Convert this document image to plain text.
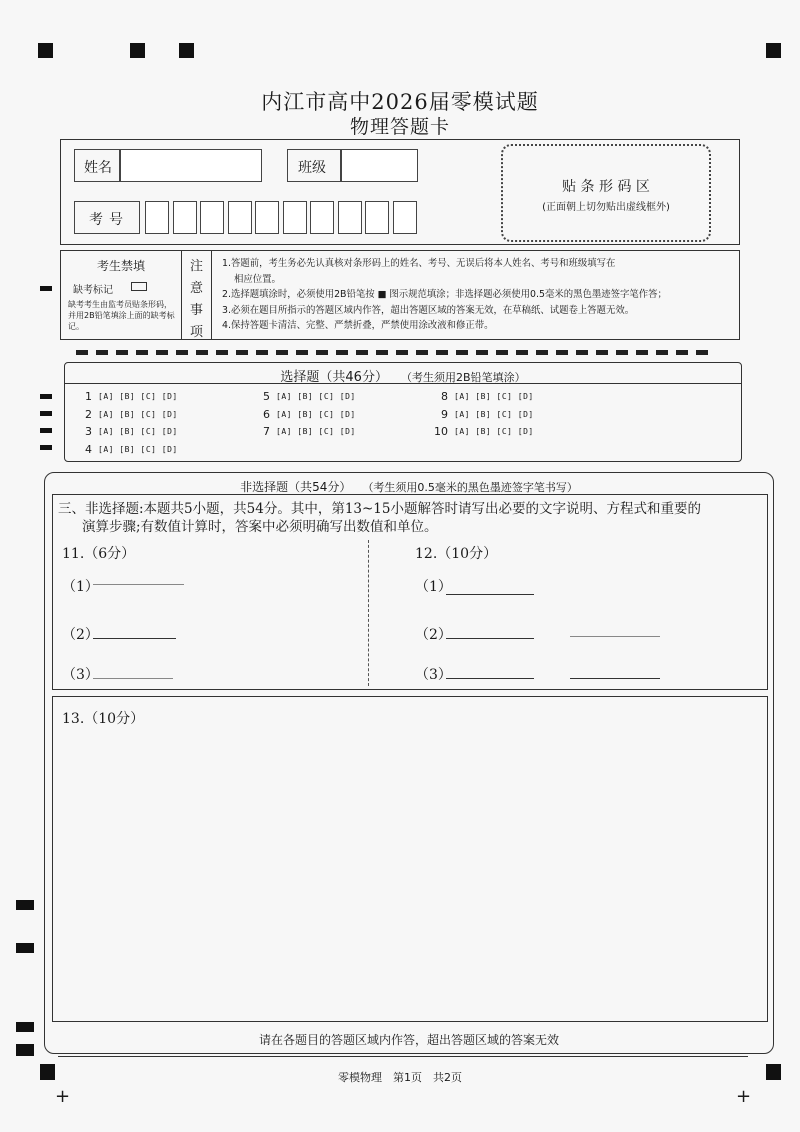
内江市高中2026届零模试题
物理答题卡
姓名	班级
考号
贴 条 形 码 区
(正面朝上切勿贴出虚线框外)
考生禁填
缺考标记
缺考考生由监考员贴条形码，并用2B铅笔填涂上面的缺考标记。
注
意
事
项
1.答题前，考生务必先认真核对条形码上的姓名、考号、无误后将本人姓名、考号和班级填写在
相应位置。
2.选择题填涂时，必须使用2B铅笔按 ■ 图示规范填涂；非选择题必须使用0.5毫米的黑色墨迹签字笔作答；
3.必须在题目所指示的答题区域内作答，超出答题区域的答案无效，在草稿纸、试题卷上答题无效。
4.保持答题卡清洁、完整、严禁折叠，严禁使用涂改液和修正带。
选择题（共46分） （考生须用2B铅笔填涂）
1 [A] [B] [C] [D]
2 [A] [B] [C] [D]
3 [A] [B] [C] [D]
4 [A] [B] [C] [D]
5 [A] [B] [C] [D]
6 [A] [B] [C] [D]
7 [A] [B] [C] [D]
8 [A] [B] [C] [D]
9 [A] [B] [C] [D]
10 [A] [B] [C] [D]
非选择题（共54分） （考生须用0.5毫米的黑色墨迹签字笔书写）
三、非选择题:本题共5小题，共54分。其中，第13~15小题解答时请写出必要的文字说明、方程式和重要的
演算步骤;有数值计算时，答案中必须明确写出数值和单位。
11.（6分）	12.（10分）
（1）
（2）
（3）
（1）
（2）
（3）
13.（10分）
请在各题目的答题区域内作答，超出答题区域的答案无效
零模物理　第1页　共2页
+	+
